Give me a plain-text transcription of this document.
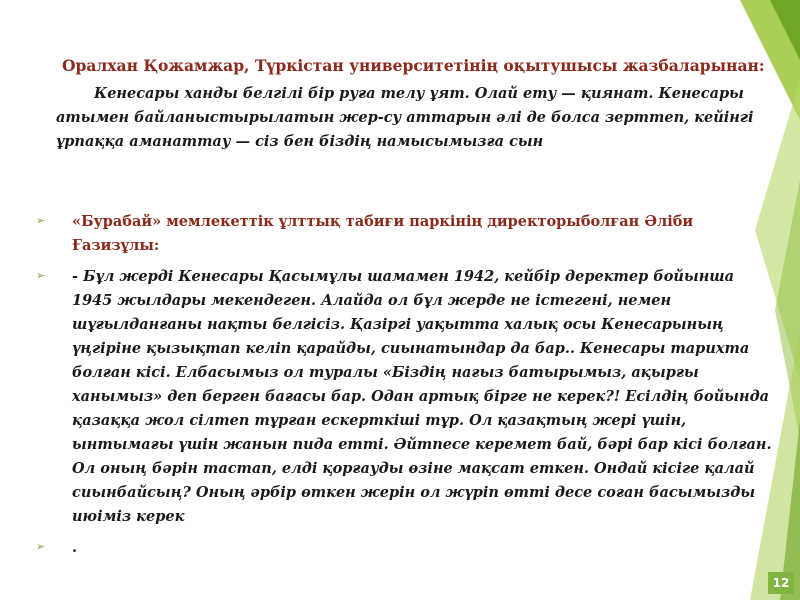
Оралхан Қожамжар, Түркістан университетінің оқытушысы жазбаларынан:

Кенесары ханды белгілі бір руға телу ұят. Олай ету — қиянат. Кенесары атымен байланыстырылатын жер-су аттарын әлі де болса зерттеп, кейінгі ұрпаққа аманаттау — сіз бен біздің намысымызға сын

➢ «Бурабай» мемлекеттік ұлттық табиғи паркінің директорыболған Әліби Ғазизұлы:
➢ - Бұл жерді Кенесары Қасымұлы шамамен 1942, кейбір деректер бойынша 1945 жылдары мекендеген. Алайда ол бұл жерде не істегені, немен шұғылданғаны нақты белгісіз. Қазіргі уақытта халық осы Кенесарының үңгіріне қызықтап келіп қарайды, сиынатындар да бар.. Кенесары тарихта болған кісі. Елбасымыз ол туралы «Біздің нағыз батырымыз, ақырғы ханымыз» деп берген бағасы бар. Одан артық бірге не керек?! Есілдің бойында қазаққа жол сілтеп тұрған ескерткіші тұр. Ол қазақтың жері үшін, ынтымағы үшін жанын пида етті. Әйтпесе керемет бай, бәрі бар кісі болған. Ол оның бәрін тастап, елді қорғауды өзіне мақсат еткен. Ондай кісіге қалай сиынбайсың? Оның әрбір өткен жерін ол жүріп өтті десе соған басымызды июіміз керек
➢ .
12
